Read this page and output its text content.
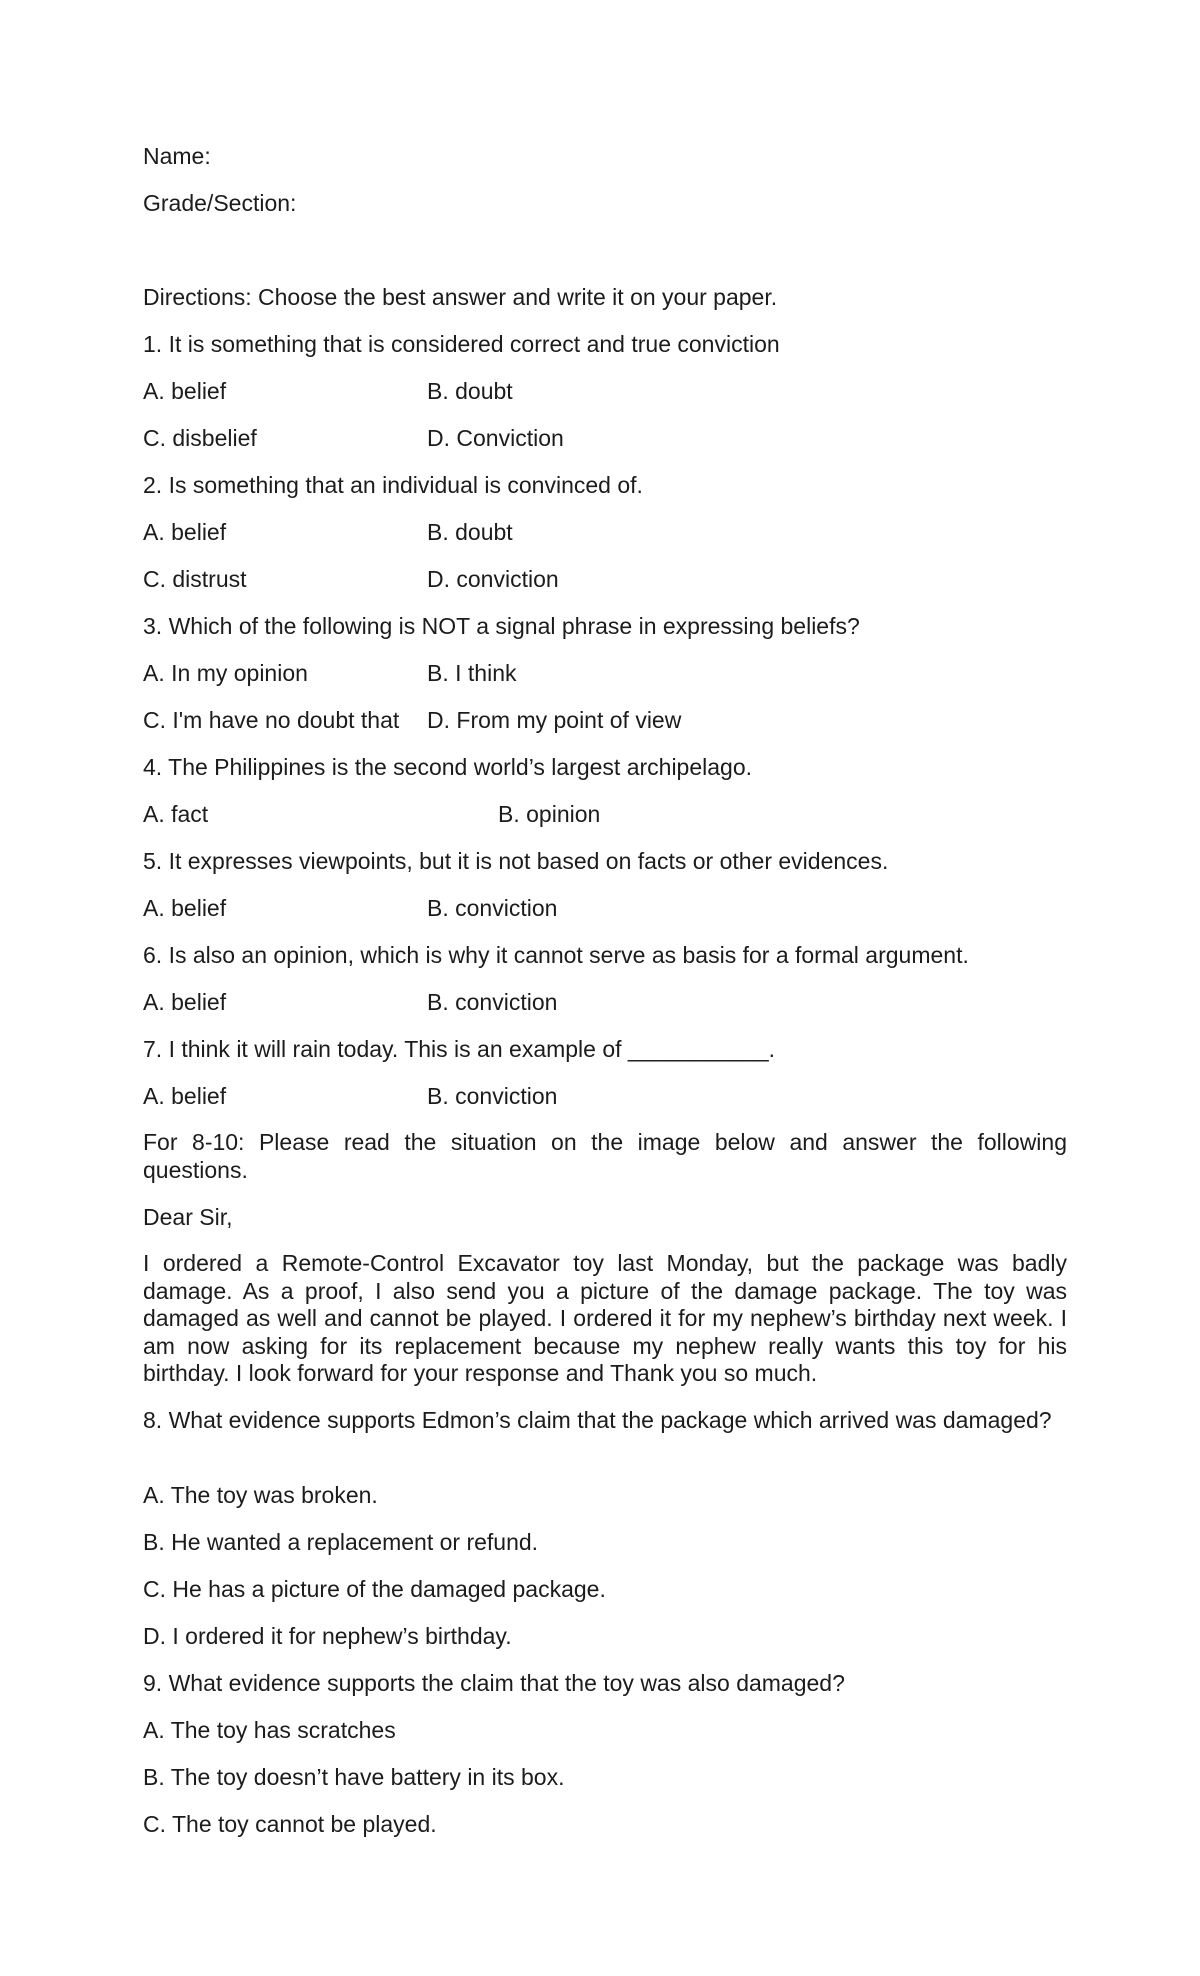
Name:
Grade/Section:
Directions: Choose the best answer and write it on your paper.
1. It is something that is considered correct and true conviction
A. belief	B. doubt
C. disbelief	D. Conviction
2. Is something that an individual is convinced of.
A. belief	B. doubt
C. distrust	D. conviction
3. Which of the following is NOT a signal phrase in expressing beliefs?
A. In my opinion	B. I think
C. I'm have no doubt that D. From my point of view
4. The Philippines is the second world’s largest archipelago.
A. fact	B. opinion
5. It expresses viewpoints, but it is not based on facts or other evidences.
A. belief	B. conviction
6. Is also an opinion, which is why it cannot serve as basis for a formal argument.
A. belief	B. conviction
7. I think it will rain today. This is an example of ___________.
A. belief	B. conviction
For 8-10: Please read the situation on the image below and answer the following questions.
Dear Sir,
I ordered a Remote-Control Excavator toy last Monday, but the package was badly damage. As a proof, I also send you a picture of the damage package. The toy was damaged as well and cannot be played. I ordered it for my nephew’s birthday next week. I am now asking for its replacement because my nephew really wants this toy for his birthday. I look forward for your response and Thank you so much.
8. What evidence supports Edmon’s claim that the package which arrived was damaged?
A. The toy was broken.
B. He wanted a replacement or refund.
C. He has a picture of the damaged package.
D. I ordered it for nephew’s birthday.
9. What evidence supports the claim that the toy was also damaged?
A. The toy has scratches
B. The toy doesn’t have battery in its box.
C. The toy cannot be played.
